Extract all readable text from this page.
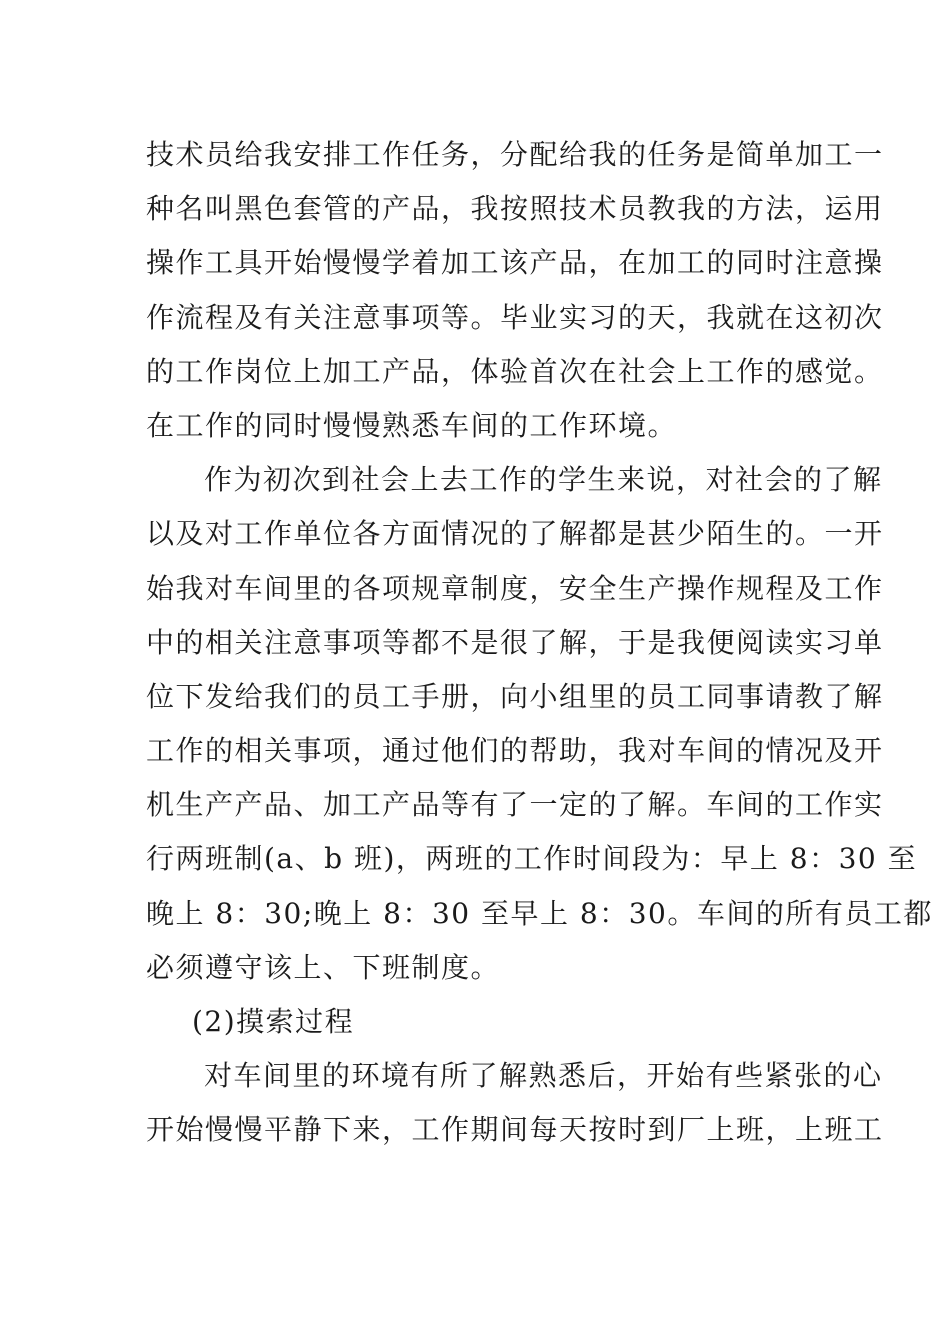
技术员给我安排工作任务，分配给我的任务是简单加工一
种名叫黑色套管的产品，我按照技术员教我的方法，运用
操作工具开始慢慢学着加工该产品，在加工的同时注意操
作流程及有关注意事项等。毕业实习的天，我就在这初次
的工作岗位上加工产品，体验首次在社会上工作的感觉。
在工作的同时慢慢熟悉车间的工作环境。
作为初次到社会上去工作的学生来说，对社会的了解
以及对工作单位各方面情况的了解都是甚少陌生的。一开
始我对车间里的各项规章制度，安全生产操作规程及工作
中的相关注意事项等都不是很了解，于是我便阅读实习单
位下发给我们的员工手册，向小组里的员工同事请教了解
工作的相关事项，通过他们的帮助，我对车间的情况及开
机生产产品、加工产品等有了一定的了解。车间的工作实
行两班制(a、b 班)，两班的工作时间段为：早上 8：30 至
晚上 8：30;晚上 8：30 至早上 8：30。车间的所有员工都
必须遵守该上、下班制度。
(2)摸索过程
对车间里的环境有所了解熟悉后，开始有些紧张的心
开始慢慢平静下来，工作期间每天按时到厂上班，上班工
